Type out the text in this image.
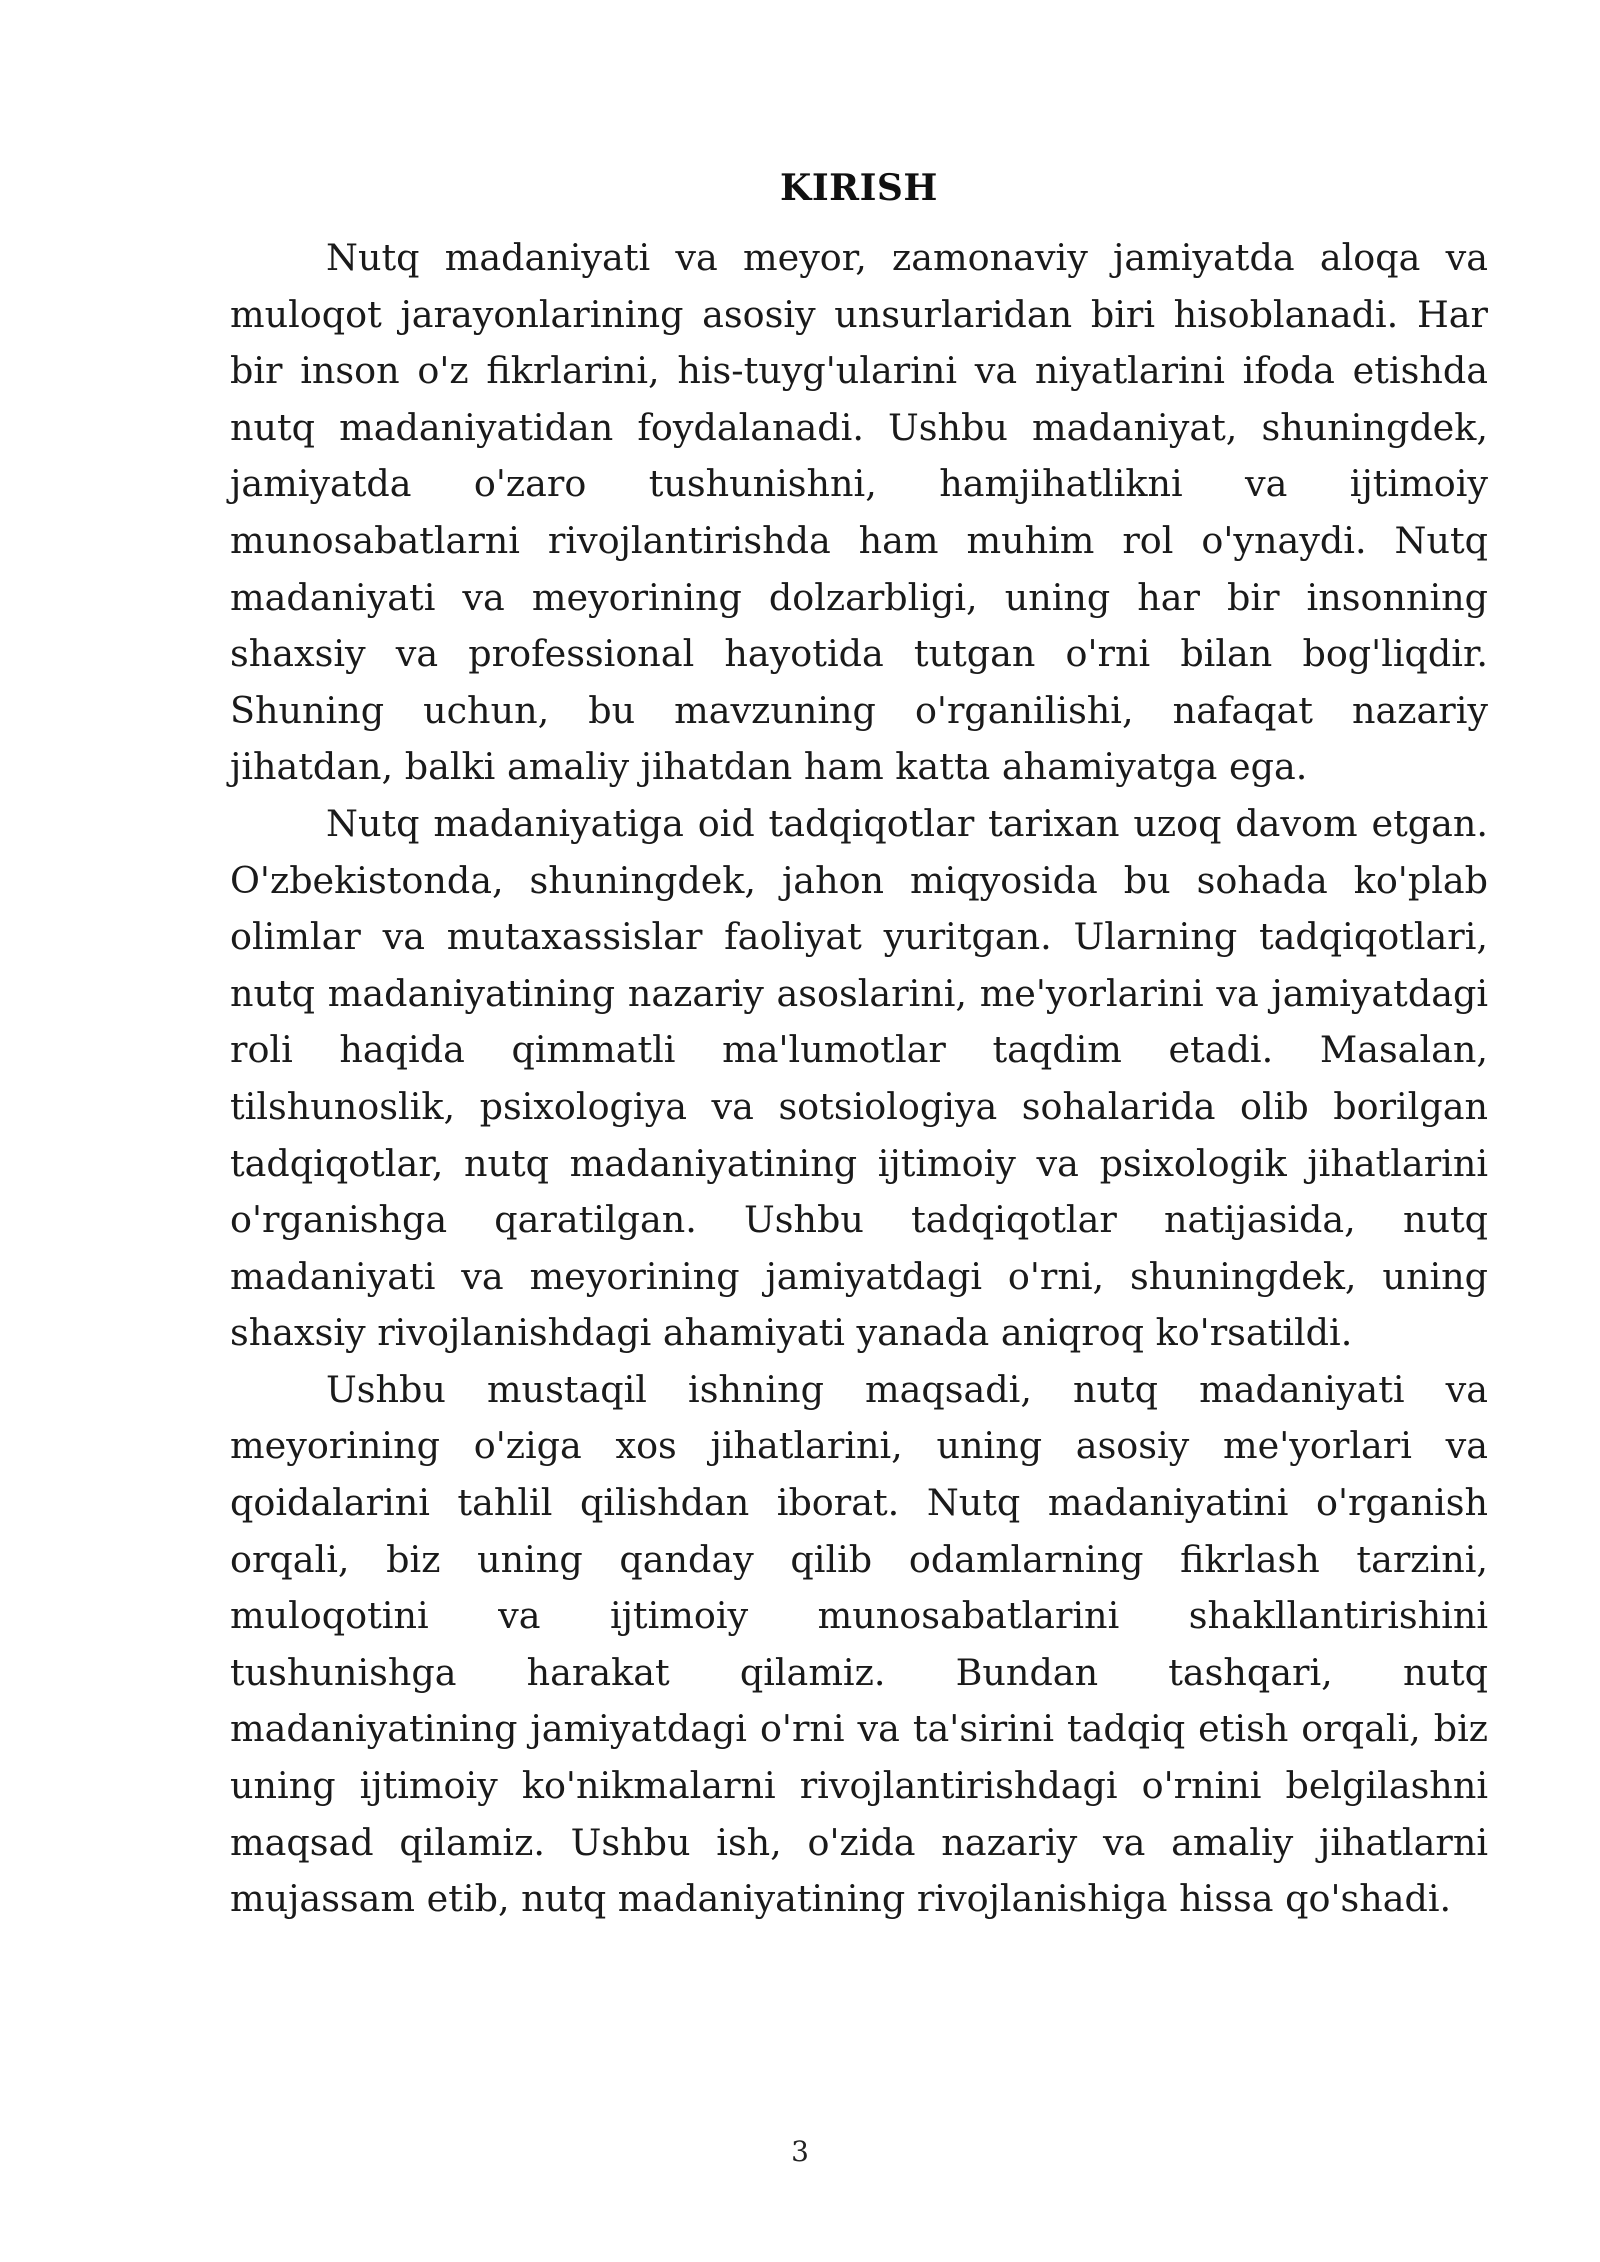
KIRISH

Nutq madaniyati va meyor, zamonaviy jamiyatda aloqa va muloqot jarayonlarining asosiy unsurlaridan biri hisoblanadi. Har bir inson o'z fikrlarini, his-tuyg'ularini va niyatlarini ifoda etishda nutq madaniyatidan foydalanadi. Ushbu madaniyat, shuningdek, jamiyatda o'zaro tushunishni, hamjihatlikni va ijtimoiy munosabatlarni rivojlantirishda ham muhim rol o'ynaydi. Nutq madaniyati va meyorining dolzarbligi, uning har bir insonning shaxsiy va professional hayotida tutgan o'rni bilan bog'liqdir. Shuning uchun, bu mavzuning o'rganilishi, nafaqat nazariy jihatdan, balki amaliy jihatdan ham katta ahamiyatga ega.

Nutq madaniyatiga oid tadqiqotlar tarixan uzoq davom etgan. O'zbekistonda, shuningdek, jahon miqyosida bu sohada ko'plab olimlar va mutaxassislar faoliyat yuritgan. Ularning tadqiqotlari, nutq madaniyatining nazariy asoslarini, me'yorlarini va jamiyatdagi roli haqida qimmatli ma'lumotlar taqdim etadi. Masalan, tilshunoslik, psixologiya va sotsiologiya sohalarida olib borilgan tadqiqotlar, nutq madaniyatining ijtimoiy va psixologik jihatlarini o'rganishga qaratilgan. Ushbu tadqiqotlar natijasida, nutq madaniyati va meyorining jamiyatdagi o'rni, shuningdek, uning shaxsiy rivojlanishdagi ahamiyati yanada aniqroq ko'rsatildi.

Ushbu mustaqil ishning maqsadi, nutq madaniyati va meyorining o'ziga xos jihatlarini, uning asosiy me'yorlari va qoidalarini tahlil qilishdan iborat. Nutq madaniyatini o'rganish orqali, biz uning qanday qilib odamlarning fikrlash tarzini, muloqotini va ijtimoiy munosabatlarini shakllantirishini tushunishga harakat qilamiz. Bundan tashqari, nutq madaniyatining jamiyatdagi o'rni va ta'sirini tadqiq etish orqali, biz uning ijtimoiy ko'nikmalarni rivojlantirishdagi o'rnini belgilashni maqsad qilamiz. Ushbu ish, o'zida nazariy va amaliy jihatlarni mujassam etib, nutq madaniyatining rivojlanishiga hissa qo'shadi.

3
